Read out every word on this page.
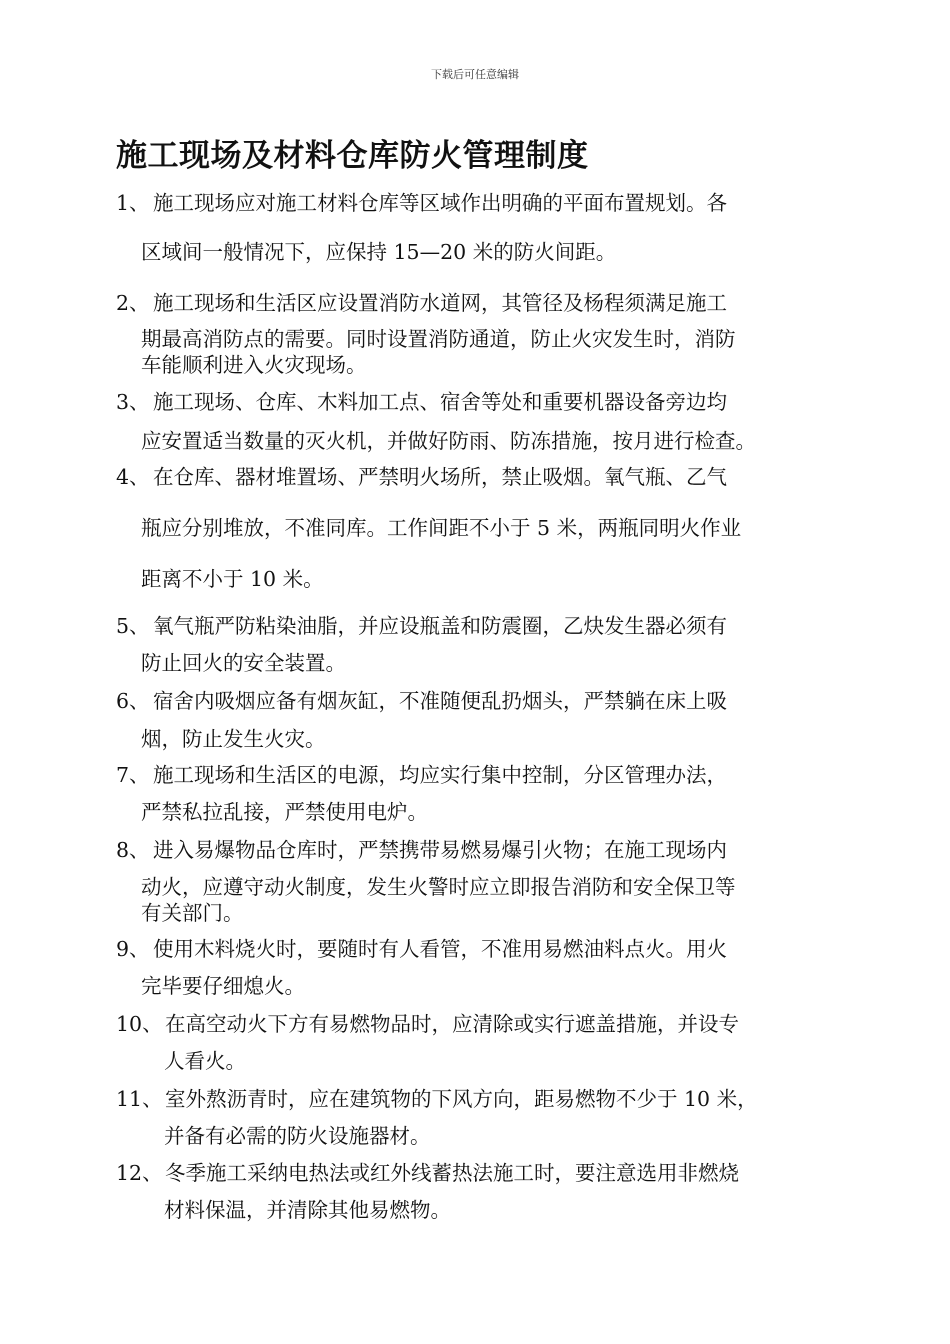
下载后可任意编辑
施工现场及材料仓库防火管理制度
1、 施工现场应对施工材料仓库等区域作出明确的平面布置规划。各
区域间一般情况下，应保持 15—20 米的防火间距。
2、 施工现场和生活区应设置消防水道网，其管径及杨程须满足施工
期最高消防点的需要。同时设置消防通道，防止火灾发生时，消防
车能顺利进入火灾现场。
3、 施工现场、仓库、木料加工点、宿舍等处和重要机器设备旁边均
应安置适当数量的灭火机，并做好防雨、防冻措施，按月进行检查。
4、 在仓库、器材堆置场、严禁明火场所，禁止吸烟。氧气瓶、乙气
瓶应分别堆放，不准同库。工作间距不小于 5 米，两瓶同明火作业
距离不小于 10 米。
5、 氧气瓶严防粘染油脂，并应设瓶盖和防震圈，乙炔发生器必须有
防止回火的安全装置。
6、 宿舍内吸烟应备有烟灰缸，不准随便乱扔烟头，严禁躺在床上吸
烟，防止发生火灾。
7、 施工现场和生活区的电源，均应实行集中控制，分区管理办法，
严禁私拉乱接，严禁使用电炉。
8、 进入易爆物品仓库时，严禁携带易燃易爆引火物；在施工现场内
动火，应遵守动火制度，发生火警时应立即报告消防和安全保卫等
有关部门。
9、 使用木料烧火时，要随时有人看管，不准用易燃油料点火。用火
完毕要仔细熄火。
10、 在高空动火下方有易燃物品时，应清除或实行遮盖措施，并设专
人看火。
11、 室外熬沥青时，应在建筑物的下风方向，距易燃物不少于 10 米，
并备有必需的防火设施器材。
12、 冬季施工采纳电热法或红外线蓄热法施工时，要注意选用非燃烧
材料保温，并清除其他易燃物。
